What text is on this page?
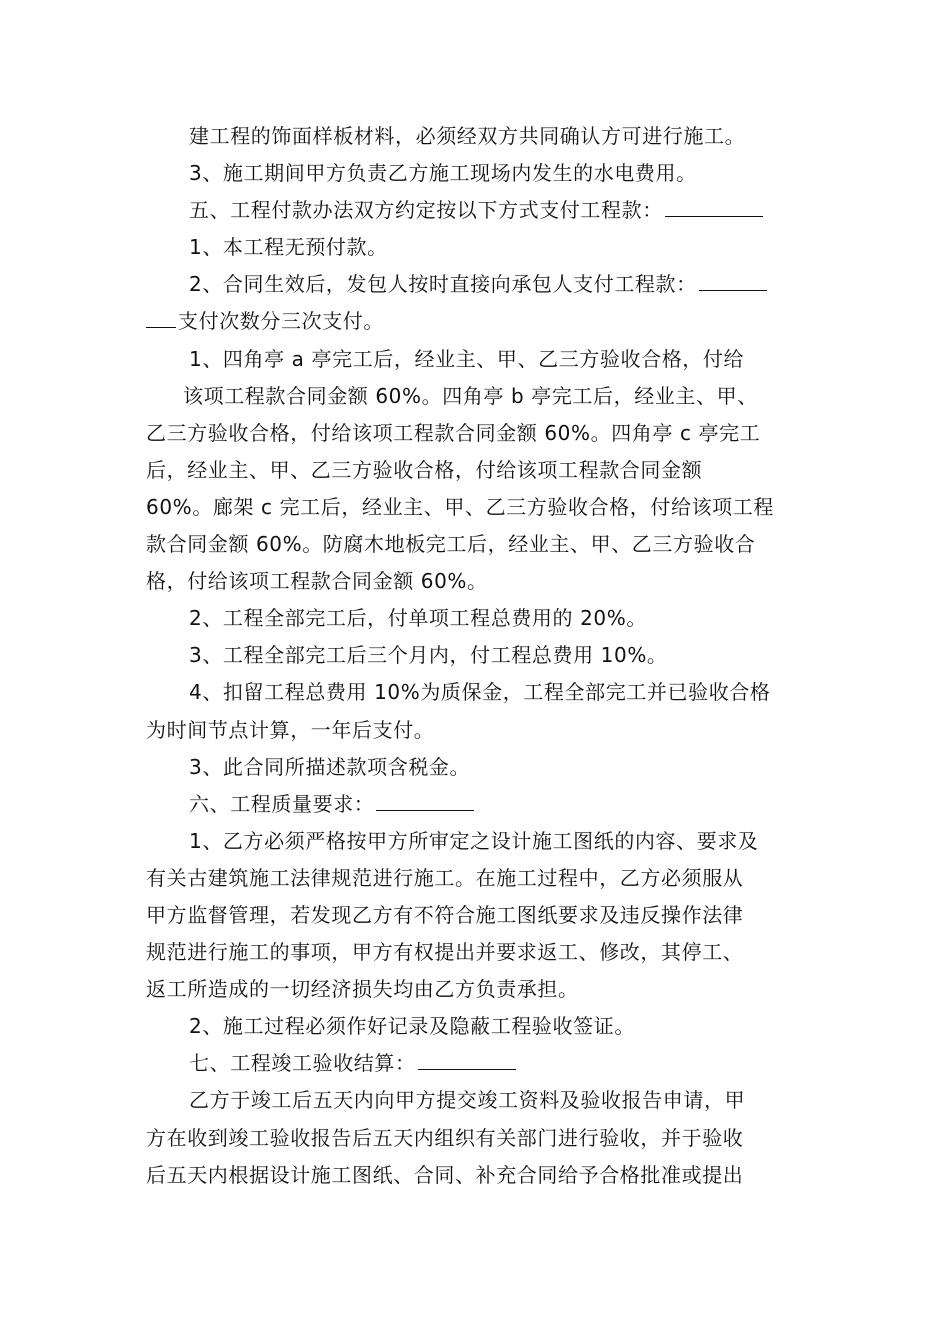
建工程的饰面样板材料，必须经双方共同确认方可进行施工。
3、施工期间甲方负责乙方施工现场内发生的水电费用。
五、工程付款办法双方约定按以下方式支付工程款：
1、本工程无预付款。
2、合同生效后，发包人按时直接向承包人支付工程款：
支付次数分三次支付。
1、四角亭 a 亭完工后，经业主、甲、乙三方验收合格，付给
该项工程款合同金额 60%。四角亭 b 亭完工后，经业主、甲、
乙三方验收合格，付给该项工程款合同金额 60%。四角亭 c 亭完工
后，经业主、甲、乙三方验收合格，付给该项工程款合同金额
60%。廊架 c 完工后，经业主、甲、乙三方验收合格，付给该项工程
款合同金额 60%。防腐木地板完工后，经业主、甲、乙三方验收合
格，付给该项工程款合同金额 60%。
2、工程全部完工后，付单项工程总费用的 20%。
3、工程全部完工后三个月内，付工程总费用 10%。
4、扣留工程总费用 10%为质保金，工程全部完工并已验收合格
为时间节点计算，一年后支付。
3、此合同所描述款项含税金。
六、工程质量要求：
1、乙方必须严格按甲方所审定之设计施工图纸的内容、要求及
有关古建筑施工法律规范进行施工。在施工过程中，乙方必须服从
甲方监督管理，若发现乙方有不符合施工图纸要求及违反操作法律
规范进行施工的事项，甲方有权提出并要求返工、修改，其停工、
返工所造成的一切经济损失均由乙方负责承担。
2、施工过程必须作好记录及隐蔽工程验收签证。
七、工程竣工验收结算：
乙方于竣工后五天内向甲方提交竣工资料及验收报告申请，甲
方在收到竣工验收报告后五天内组织有关部门进行验收，并于验收
后五天内根据设计施工图纸、合同、补充合同给予合格批准或提出
